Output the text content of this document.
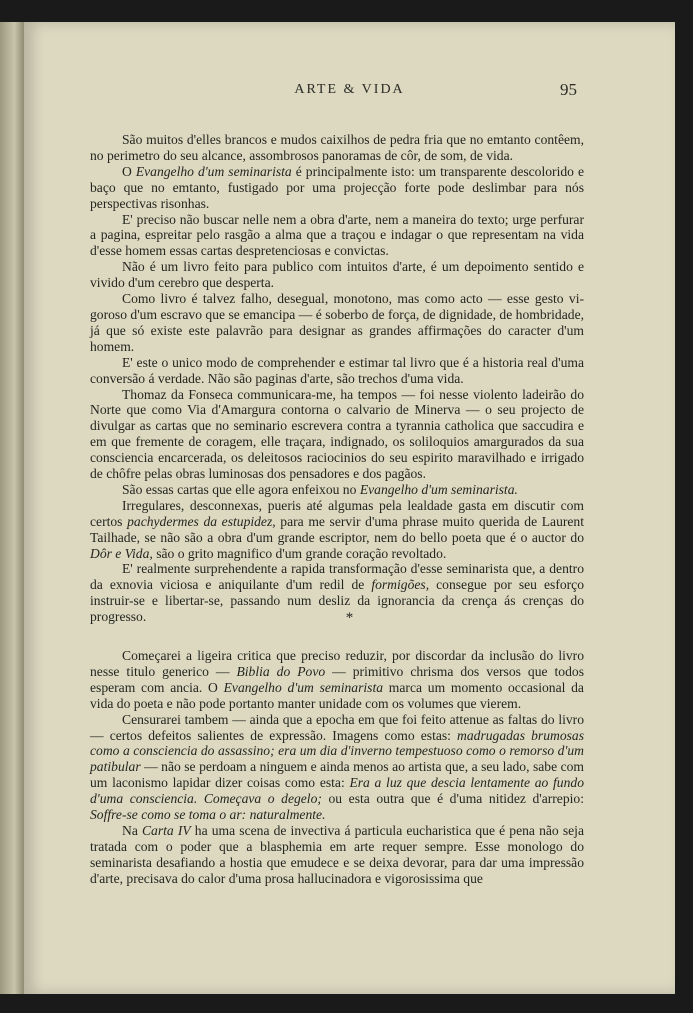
ARTE & VIDA	95

São muitos d'elles brancos e mudos caixilhos de pedra fria que no emtanto contêem, no perimetro do seu alcance, assombrosos panoramas de côr, de som, de vida.

O Evangelho d'um seminarista é principalmente isto: um transparente descolorido e baço que no emtanto, fustigado por uma projecção forte pode deslimbar para nós perspectivas risonhas.

E' preciso não buscar nelle nem a obra d'arte, nem a maneira do texto; urge perfurar a pagina, espreitar pelo rasgão a alma que a traçou e indagar o que representam na vida d'esse homem essas cartas despretenciosas e convictas.

Não é um livro feito para publico com intuitos d'arte, é um depoimento sentido e vivido d'um cerebro que desperta.

Como livro é talvez falho, desegual, monotono, mas como acto — esse gesto vigoroso d'um escravo que se emancipa — é soberbo de força, de dignidade, de hombridade, já que só existe este palavrão para designar as grandes affirmações do caracter d'um homem.

E' este o unico modo de comprehender e estimar tal livro que é a historia real d'uma conversão á verdade. Não são paginas d'arte, são trechos d'uma vida.

Thomaz da Fonseca communicara-me, ha tempos — foi nesse violento ladeirão do Norte que como Via d'Amargura contorna o calvario de Minerva — o seu projecto de divulgar as cartas que no seminario escrevera contra a tyrannia catholica que saccudira e em que fremente de coragem, elle traçara, indignado, os soliloquios amargurados da sua consciencia encarcerada, os deleitosos raciocinios do seu espirito maravilhado e irrigado de chôfre pelas obras luminosas dos pensadores e dos pagãos.

São essas cartas que elle agora enfeixou no Evangelho d'um seminarista.

Irregulares, desconnexas, pueris até algumas pela lealdade gasta em discutir com certos pachydermes da estupidez, para me servir d'uma phrase muito querida de Laurent Tailhade, se não são a obra d'um grande escriptor, nem do bello poeta que é o auctor do Dôr e Vida, são o grito magnifico d'um grande coração revoltado.

E' realmente surprehendente a rapida transformação d'esse seminarista que, a dentro da exnovia viciosa e aniquilante d'um redil de formigões, consegue por seu esforço instruir-se e libertar-se, passando num desliz da ignorancia da crença ás crenças do progresso.	*

Começarei a ligeira critica que preciso reduzir, por discordar da inclusão do livro nesse titulo generico — Biblia do Povo — primitivo chrisma dos versos que todos esperam com ancia. O Evangelho d'um seminarista marca um momento occasional da vida do poeta e não pode portanto manter unidade com os volumes que vierem.

Censurarei tambem — ainda que a epocha em que foi feito attenue as faltas do livro — certos defeitos salientes de expressão. Imagens como estas: madrugadas brumosas como a consciencia do assassino; era um dia d'inverno tempestuoso como o remorso d'um patibular — não se perdoam a ninguem e ainda menos ao artista que, a seu lado, sabe com um laconismo lapidar dizer coisas como esta: Era a luz que descia lentamente ao fundo d'uma consciencia. Começava o degelo; ou esta outra que é d'uma nitidez d'arrepio: Soffre-se como se toma o ar: naturalmente.

Na Carta IV ha uma scena de invectiva á particula eucharistica que é pena não seja tratada com o poder que a blasphemia em arte requer sempre. Esse monologo do seminarista desafiando a hostia que emudece e se deixa devorar, para dar uma impressão d'arte, precisava do calor d'uma prosa hallucinadora e vigorosissima que
